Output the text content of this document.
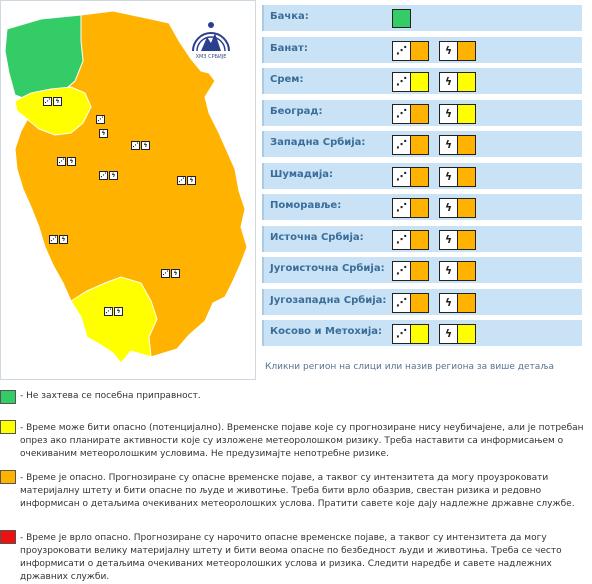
ХМЗ СРБИЈЕ
⋰ ϟ
⋰
ϟ
⋰ ϟ
⋰ ϟ
⋰ ϟ
⋰ ϟ
⋰ ϟ
⋰ ϟ
⋰ ϟ
Бачка:
Банат:	⋰	ϟ
Срем:	⋰	ϟ
Београд:	⋰	ϟ
Западна Србија:	⋰	ϟ
Шумадија:	⋰	ϟ
Поморавље:	⋰	ϟ
Источна Србија:	⋰	ϟ
Југоисточна Србија: ⋰	ϟ
Југозападна Србија: ⋰	ϟ
Косово и Метохија: ⋰	ϟ
Кликни регион на слици или назив региона за више детаља
- Не захтева се посебна приправност.
- Време може бити опасно (потенцијално). Временске појаве које су прогнозиране нису неубичајене, али је потребан опрез ако планирате активности које су изложене метеоролошком ризику. Треба наставити са информисањем о очекиваним метеоролошким условима. Не предузимајте непотребне ризике.
- Време је опасно. Прогнозиране су опасне временске појаве, а таквог су интензитета да могу проузроковати материјалну штету и бити опасне по људе и животиње. Треба бити врло обазрив, свестан ризика и редовно информисан о детаљима очекиваних метеоролошких услова. Пратити савете које дају надлежне државне службе.
- Време је врло опасно. Прогнозиране су нарочито опасне временске појаве, а таквог су интензитета да могу проузроковати велику материјалну штету и бити веома опасне по безбедност људи и животиња. Треба се често информисати о детаљима очекиваних метеоролошких услова и ризика. Следити наредбе и савете надлежних државних служби.
